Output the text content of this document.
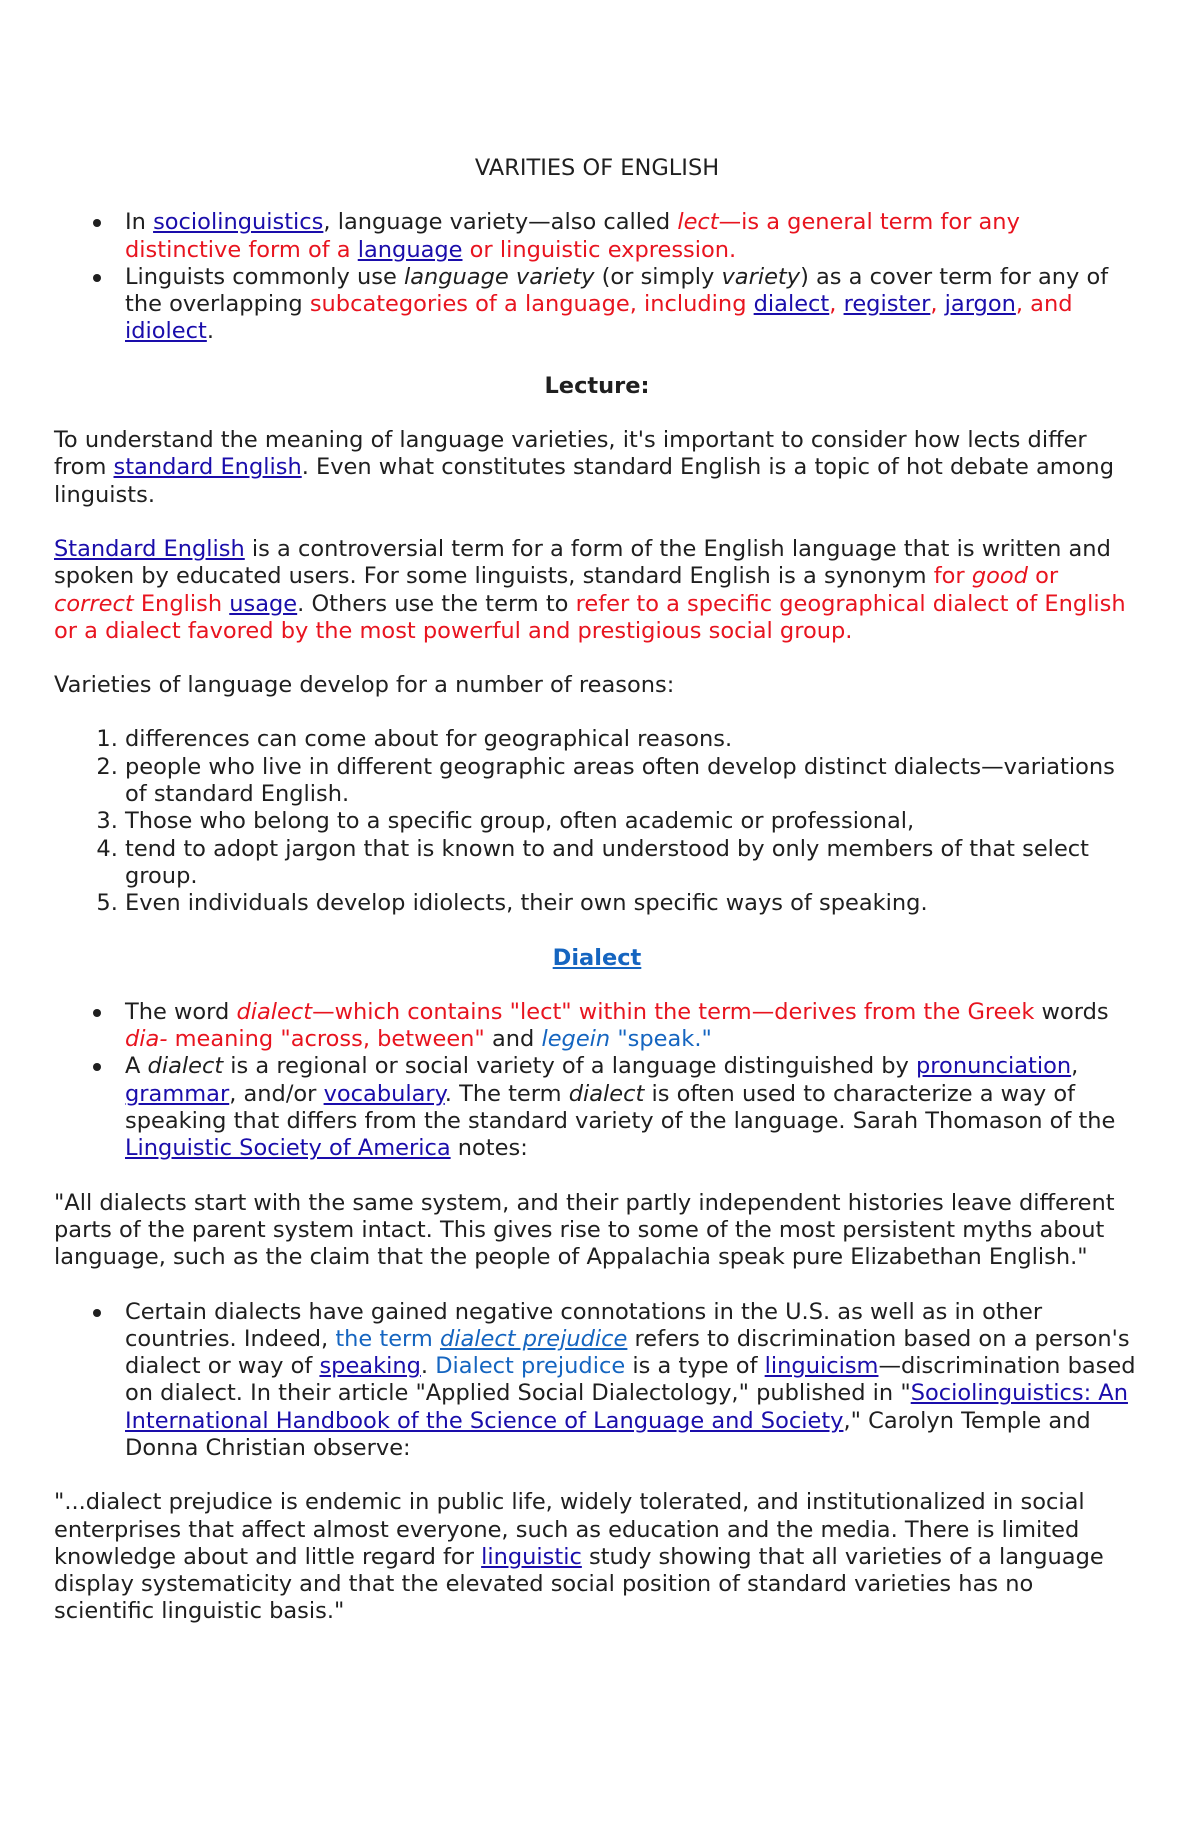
VARITIES OF ENGLISH

In sociolinguistics, language variety—also called lect—is a general term for any distinctive form of a language or linguistic expression.
Linguists commonly use language variety (or simply variety) as a cover term for any of the overlapping subcategories of a language, including dialect, register, jargon, and idiolect.

Lecture:

To understand the meaning of language varieties, it's important to consider how lects differ from standard English. Even what constitutes standard English is a topic of hot debate among linguists.

Standard English is a controversial term for a form of the English language that is written and spoken by educated users. For some linguists, standard English is a synonym for good or correct English usage. Others use the term to refer to a specific geographical dialect of English or a dialect favored by the most powerful and prestigious social group.

Varieties of language develop for a number of reasons:

1. differences can come about for geographical reasons.
2. people who live in different geographic areas often develop distinct dialects—variations of standard English.
3. Those who belong to a specific group, often academic or professional,
4. tend to adopt jargon that is known to and understood by only members of that select group.
5. Even individuals develop idiolects, their own specific ways of speaking.

Dialect

The word dialect—which contains "lect" within the term—derives from the Greek words dia- meaning "across, between" and legein "speak."
A dialect is a regional or social variety of a language distinguished by pronunciation, grammar, and/or vocabulary. The term dialect is often used to characterize a way of speaking that differs from the standard variety of the language. Sarah Thomason of the Linguistic Society of America notes:

"All dialects start with the same system, and their partly independent histories leave different parts of the parent system intact. This gives rise to some of the most persistent myths about language, such as the claim that the people of Appalachia speak pure Elizabethan English."

Certain dialects have gained negative connotations in the U.S. as well as in other countries. Indeed, the term dialect prejudice refers to discrimination based on a person's dialect or way of speaking. Dialect prejudice is a type of linguicism—discrimination based on dialect. In their article "Applied Social Dialectology," published in "Sociolinguistics: An International Handbook of the Science of Language and Society," Carolyn Temple and Donna Christian observe:

"...dialect prejudice is endemic in public life, widely tolerated, and institutionalized in social enterprises that affect almost everyone, such as education and the media. There is limited knowledge about and little regard for linguistic study showing that all varieties of a language display systematicity and that the elevated social position of standard varieties has no scientific linguistic basis."
